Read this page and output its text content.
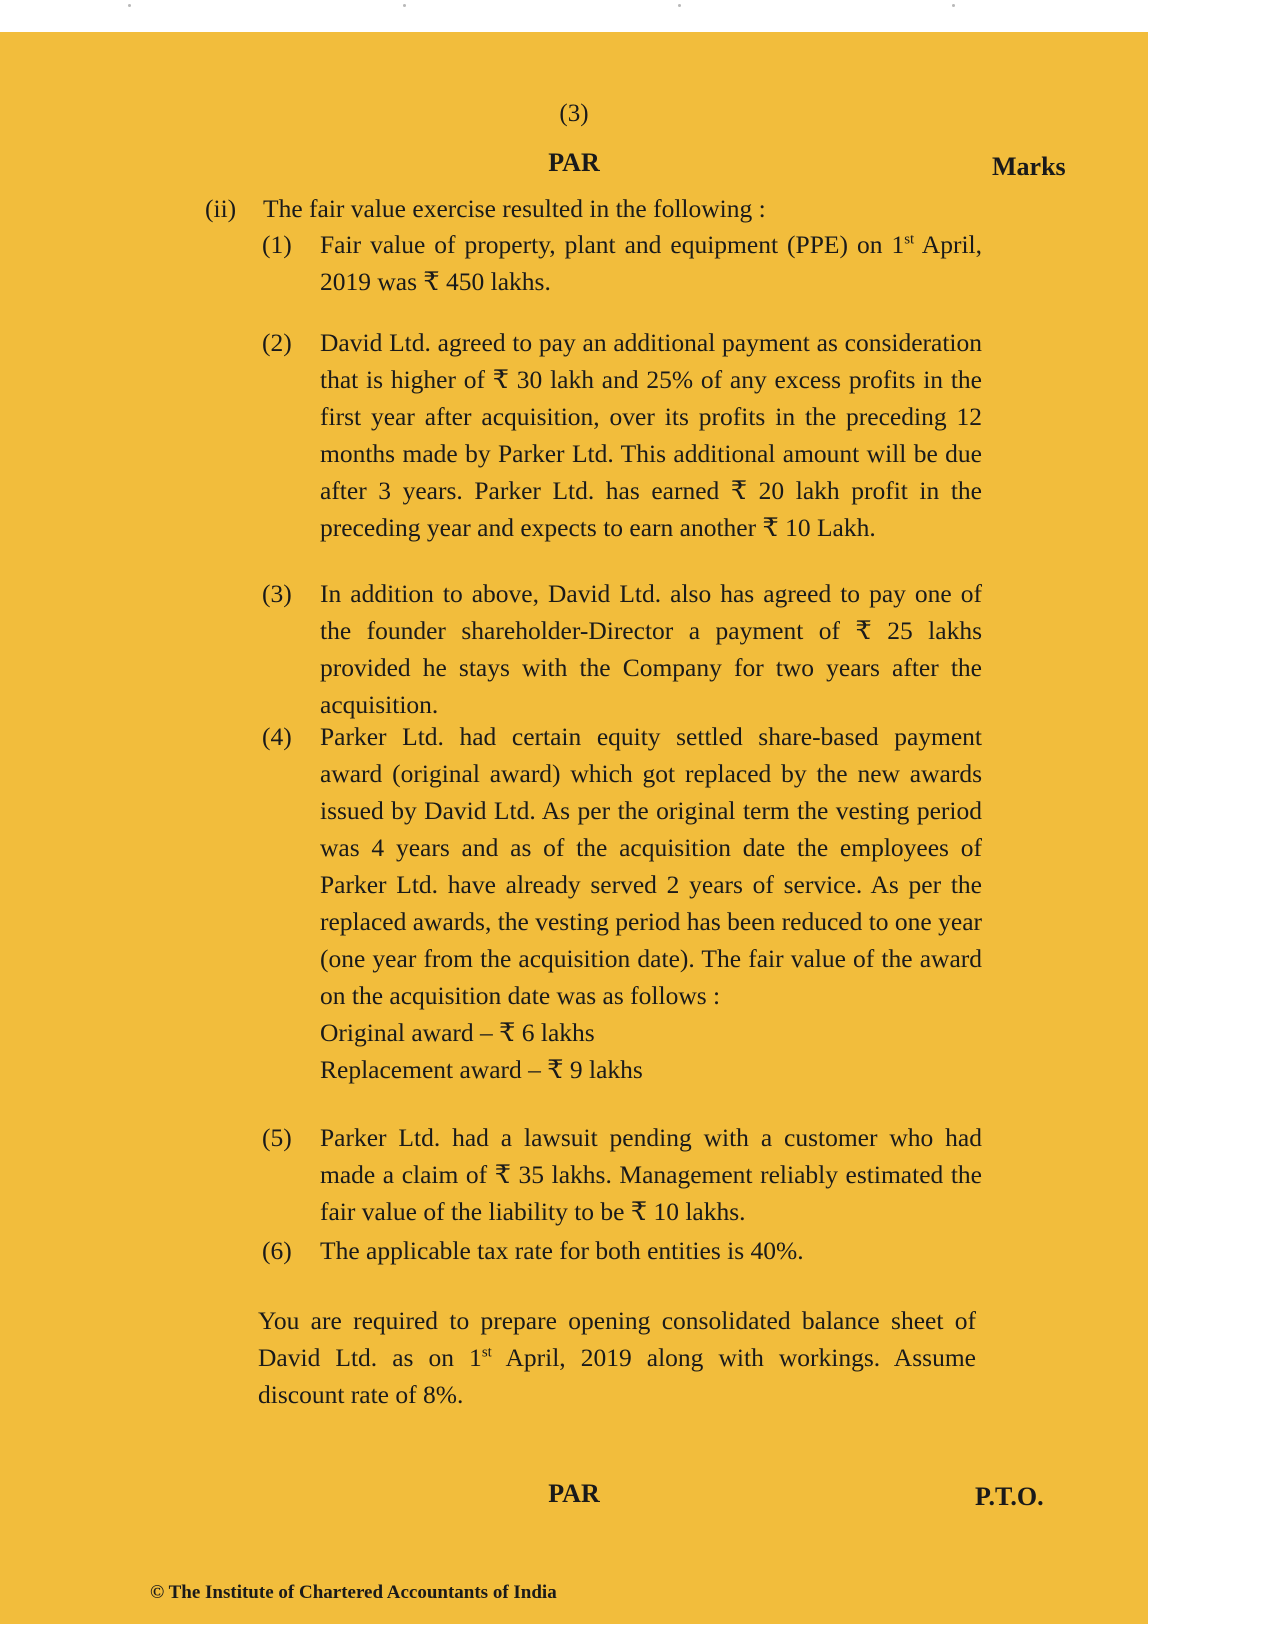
(3)
PAR	Marks
(ii) The fair value exercise resulted in the following :
(1) Fair value of property, plant and equipment (PPE) on 1st April, 2019 was ₹ 450 lakhs.
(2) David Ltd. agreed to pay an additional payment as consideration that is higher of ₹ 30 lakh and 25% of any excess profits in the first year after acquisition, over its profits in the preceding 12 months made by Parker Ltd. This additional amount will be due after 3 years. Parker Ltd. has earned ₹ 20 lakh profit in the preceding year and expects to earn another ₹ 10 Lakh.
(3) In addition to above, David Ltd. also has agreed to pay one of the founder shareholder-Director a payment of ₹ 25 lakhs provided he stays with the Company for two years after the acquisition.
(4) Parker Ltd. had certain equity settled share-based payment award (original award) which got replaced by the new awards issued by David Ltd. As per the original term the vesting period was 4 years and as of the acquisition date the employees of Parker Ltd. have already served 2 years of service. As per the replaced awards, the vesting period has been reduced to one year (one year from the acquisition date). The fair value of the award on the acquisition date was as follows :
Original award – ₹ 6 lakhs
Replacement award – ₹ 9 lakhs
(5) Parker Ltd. had a lawsuit pending with a customer who had made a claim of ₹ 35 lakhs. Management reliably estimated the fair value of the liability to be ₹ 10 lakhs.
(6) The applicable tax rate for both entities is 40%.
You are required to prepare opening consolidated balance sheet of David Ltd. as on 1st April, 2019 along with workings. Assume discount rate of 8%.
PAR	P.T.O.
© The Institute of Chartered Accountants of India
